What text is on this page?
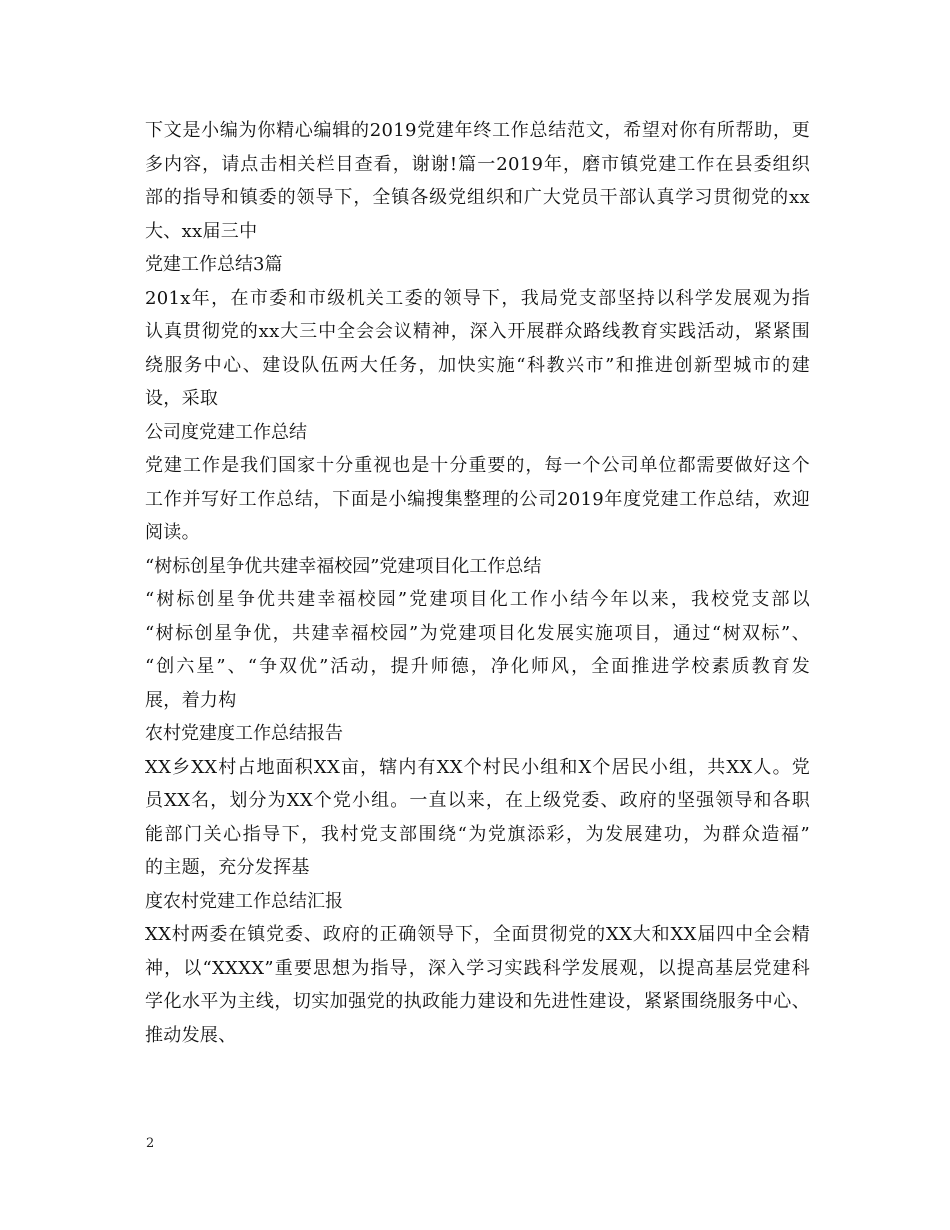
下文是小编为你精心编辑的2019党建年终工作总结范文，希望对你有所帮助，更
多内容，请点击相关栏目查看，谢谢!篇一2019年，磨市镇党建工作在县委组织
部的指导和镇委的领导下，全镇各级党组织和广大党员干部认真学习贯彻党的xx
大、xx届三中
党建工作总结3篇
201x年，在市委和市级机关工委的领导下，我局党支部坚持以科学发展观为指
认真贯彻党的xx大三中全会会议精神，深入开展群众路线教育实践活动，紧紧围
绕服务中心、建设队伍两大任务，加快实施“科教兴市”和推进创新型城市的建
设，采取
公司度党建工作总结
党建工作是我们国家十分重视也是十分重要的，每一个公司单位都需要做好这个
工作并写好工作总结，下面是小编搜集整理的公司2019年度党建工作总结，欢迎
阅读。
“树标创星争优共建幸福校园”党建项目化工作总结
“树标创星争优共建幸福校园”党建项目化工作小结今年以来，我校党支部以
“树标创星争优，共建幸福校园”为党建项目化发展实施项目，通过“树双标”、
“创六星”、“争双优”活动，提升师德，净化师风，全面推进学校素质教育发
展，着力构
农村党建度工作总结报告
XX乡XX村占地面积XX亩，辖内有XX个村民小组和X个居民小组，共XX人。党
员XX名，划分为XX个党小组。一直以来，在上级党委、政府的坚强领导和各职
能部门关心指导下，我村党支部围绕“为党旗添彩，为发展建功，为群众造福”
的主题，充分发挥基
度农村党建工作总结汇报
XX村两委在镇党委、政府的正确领导下，全面贯彻党的XX大和XX届四中全会精
神，以“XXXX”重要思想为指导，深入学习实践科学发展观，以提高基层党建科
学化水平为主线，切实加强党的执政能力建设和先进性建设，紧紧围绕服务中心、
推动发展、
2
